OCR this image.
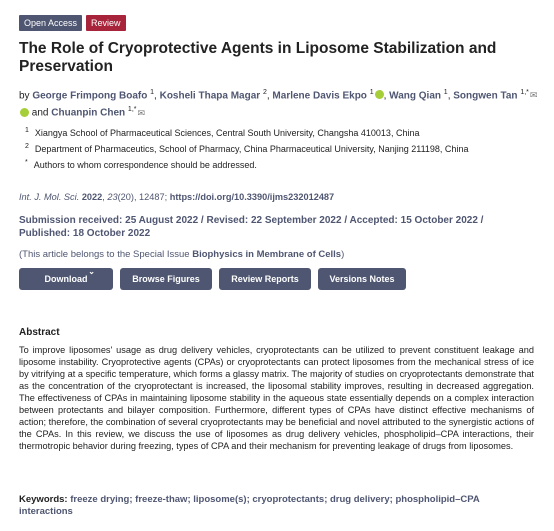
Open Access	Review
The Role of Cryoprotective Agents in Liposome Stabilization and Preservation
by George Frimpong Boafo $^1$, Kosheli Thapa Magar $^2$, Marlene Davis Ekpo $^1$ , Wang Qian $^1$, Songwen Tan $^{1,*}$✉ and Chuanpin Chen $^{1,*}$✉
$^1$ Xiangya School of Pharmaceutical Sciences, Central South University, Changsha 410013, China
$^2$ Department of Pharmaceutics, School of Pharmacy, China Pharmaceutical University, Nanjing 211198, China
* Authors to whom correspondence should be addressed.
Int. J. Mol. Sci. 2022, 23(20), 12487; https://doi.org/10.3390/ijms232012487
Submission received: 25 August 2022 / Revised: 22 September 2022 / Accepted: 15 October 2022 / Published: 18 October 2022
(This article belongs to the Special Issue Biophysics in Membrane of Cells)
Download
⌄
Browse Figures	Review Reports	Versions Notes
Abstract

To improve liposomes' usage as drug delivery vehicles, cryoprotectants can be utilized to prevent constituent leakage and liposome instability. Cryoprotective agents (CPAs) or cryoprotectants can protect liposomes from the mechanical stress of ice by vitrifying at a specific temperature, which forms a glassy matrix. The majority of studies on cryoprotectants demonstrate that as the concentration of the cryoprotectant is increased, the liposomal stability improves, resulting in decreased aggregation. The effectiveness of CPAs in maintaining liposome stability in the aqueous state essentially depends on a complex interaction between protectants and bilayer composition. Furthermore, different types of CPAs have distinct effective mechanisms of action; therefore, the combination of several cryoprotectants may be beneficial and novel attributed to the synergistic actions of the CPAs. In this review, we discuss the use of liposomes as drug delivery vehicles, phospholipid–CPA interactions, their thermotropic behavior during freezing, types of CPA and their mechanism for preventing leakage of drugs from liposomes.

Keywords: freeze drying; freeze-thaw; liposome(s); cryoprotectants; drug delivery; phospholipid–CPA interactions
